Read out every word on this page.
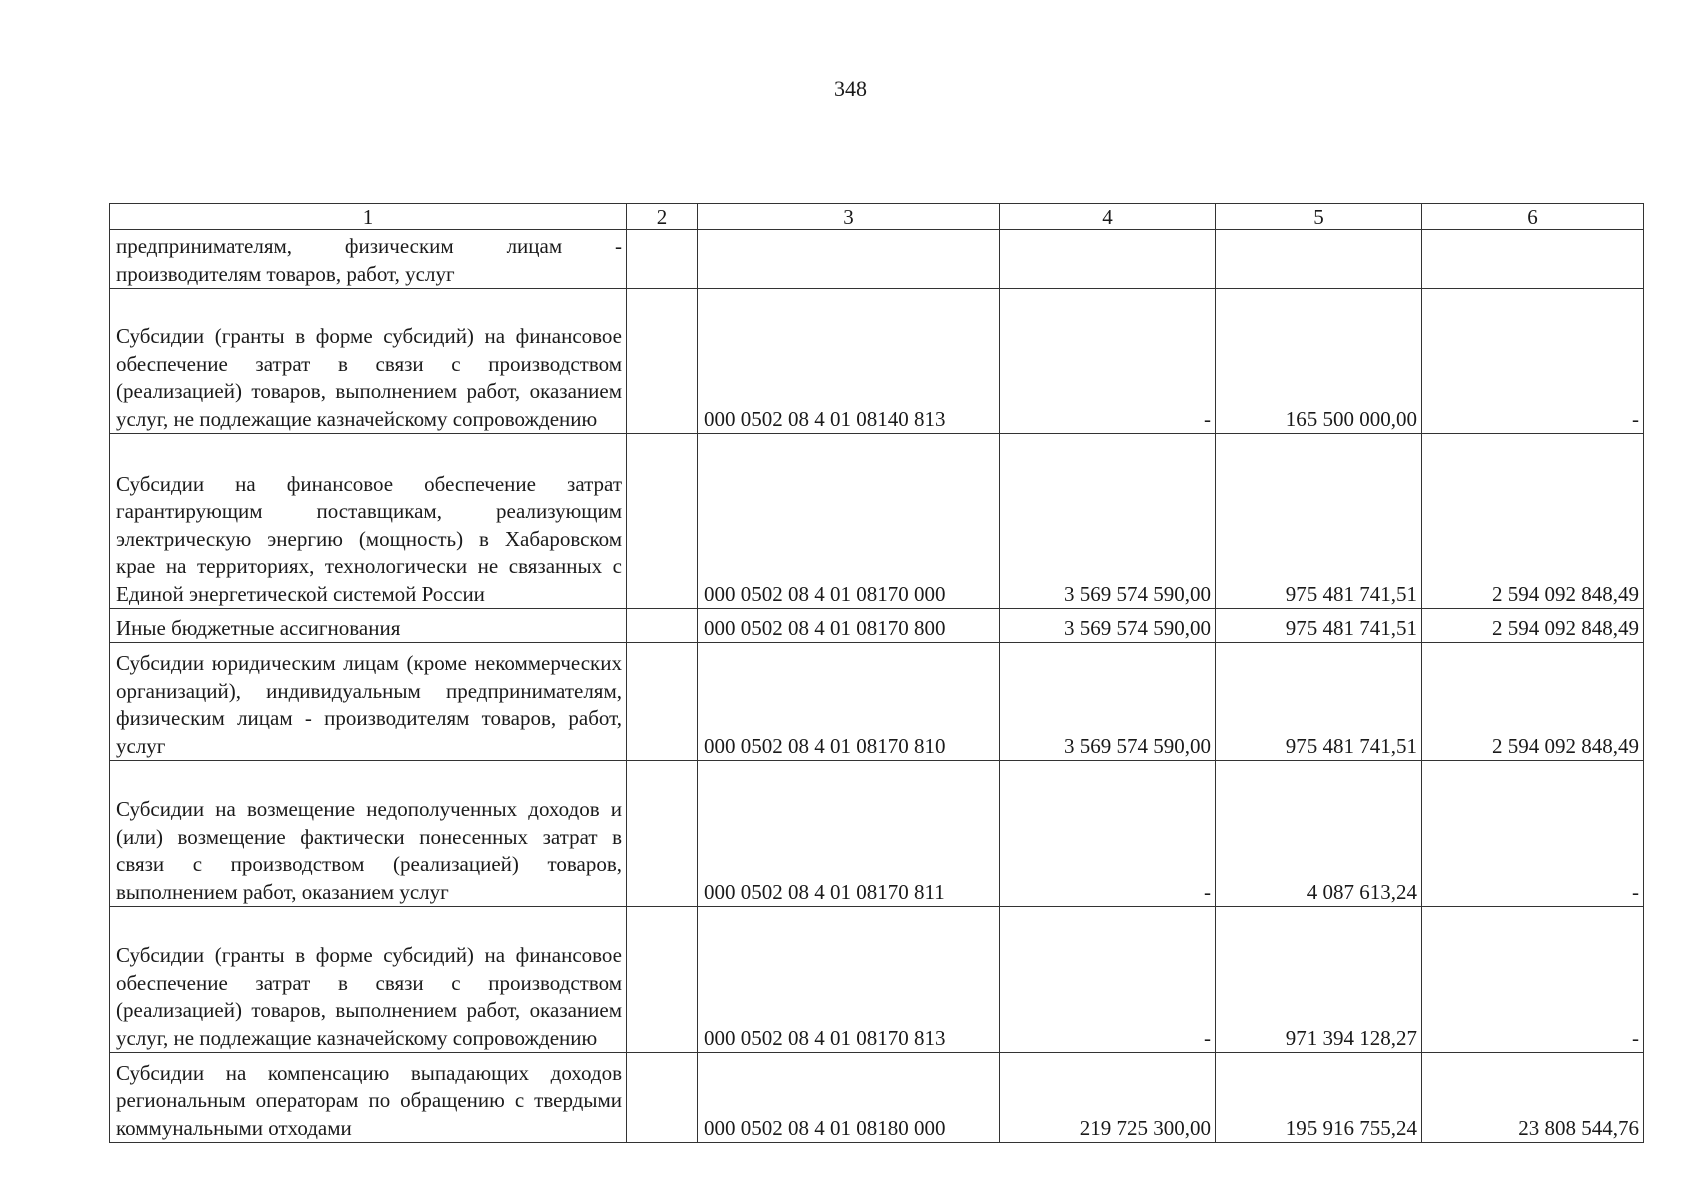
348
1	2	3	4	5	6
предпринимателям, физическим лицам - производителям товаров, работ, услуг					
Субсидии (гранты в форме субсидий) на финансовое обеспечение затрат в связи с производством (реализацией) товаров, выполнением работ, оказанием услуг, не подлежащие казначейскому сопровождению		000 0502 08 4 01 08140 813	-	165 500 000,00	-
Субсидии на финансовое обеспечение затрат гарантирующим поставщикам, реализующим электрическую энергию (мощность) в Хабаровском крае на территориях, технологически не связанных с Единой энергетической системой России		000 0502 08 4 01 08170 000	3 569 574 590,00	975 481 741,51	2 594 092 848,49
Иные бюджетные ассигнования		000 0502 08 4 01 08170 800	3 569 574 590,00	975 481 741,51	2 594 092 848,49
Субсидии юридическим лицам (кроме некоммерческих организаций), индивидуальным предпринимателям, физическим лицам - производителям товаров, работ, услуг		000 0502 08 4 01 08170 810	3 569 574 590,00	975 481 741,51	2 594 092 848,49
Субсидии на возмещение недополученных доходов и (или) возмещение фактически понесенных затрат в связи с производством (реализацией) товаров, выполнением работ, оказанием услуг		000 0502 08 4 01 08170 811	-	4 087 613,24	-
Субсидии (гранты в форме субсидий) на финансовое обеспечение затрат в связи с производством (реализацией) товаров, выполнением работ, оказанием услуг, не подлежащие казначейскому сопровождению		000 0502 08 4 01 08170 813	-	971 394 128,27	-
Субсидии на компенсацию выпадающих доходов региональным операторам по обращению с твердыми коммунальными отходами		000 0502 08 4 01 08180 000	219 725 300,00	195 916 755,24	23 808 544,76
